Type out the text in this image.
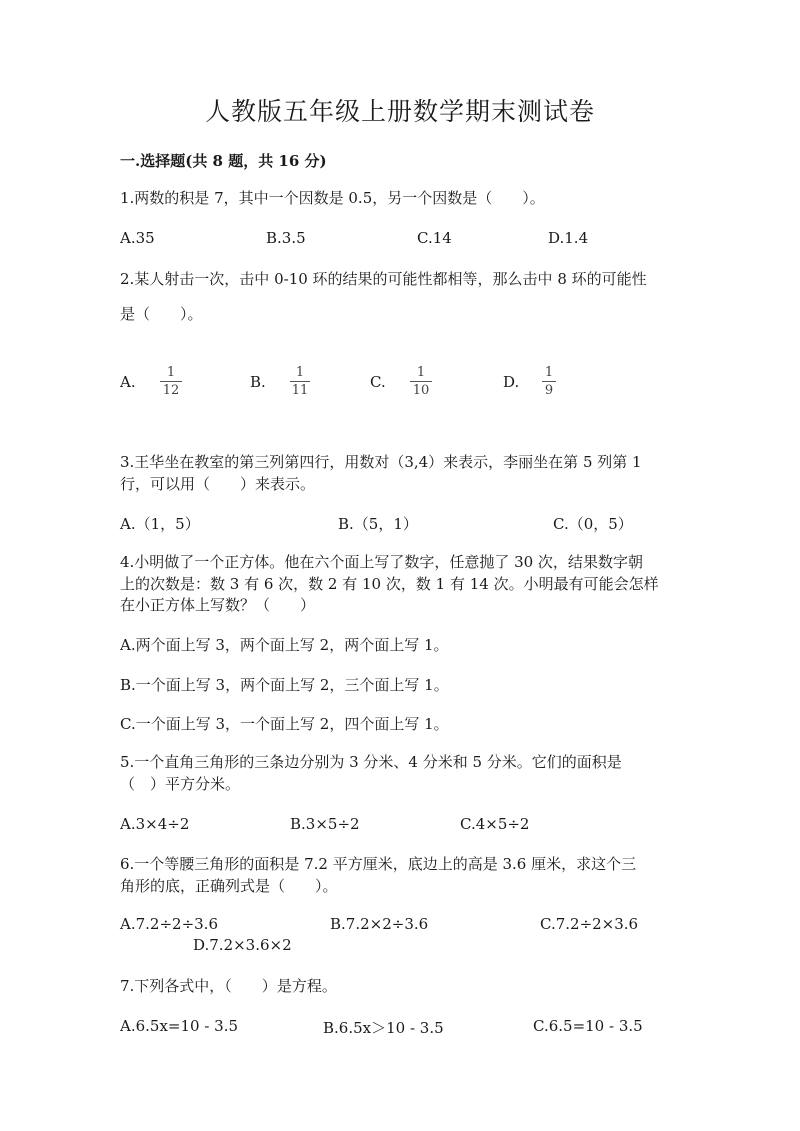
人教版五年级上册数学期末测试卷
一.选择题(共 8 题，共 16 分)
1.两数的积是 7，其中一个因数是 0.5，另一个因数是（　　）。
A.35	B.3.5	C.14	D.1.4
2.某人射击一次，击中 0-10 环的结果的可能性都相等，那么击中 8 环的可能性
是（　　）。
A.
1
12	B.
1
11	C.
1
10	D.
1
9
3.王华坐在教室的第三列第四行，用数对（3,4）来表示，李丽坐在第 5 列第 1
行，可以用（　　）来表示。
A.（1，5）	B.（5，1）	C.（0，5）
4.小明做了一个正方体。他在六个面上写了数字，任意抛了 30 次，结果数字朝
上的次数是：数 3 有 6 次，数 2 有 10 次，数 1 有 14 次。小明最有可能会怎样
在小正方体上写数？（　　）
A.两个面上写 3，两个面上写 2，两个面上写 1。
B.一个面上写 3，两个面上写 2，三个面上写 1。
C.一个面上写 3，一个面上写 2，四个面上写 1。
5.一个直角三角形的三条边分别为 3 分米、4 分米和 5 分米。它们的面积是
（　）平方分米。
A.3×4÷2	B.3×5÷2	C.4×5÷2
6.一个等腰三角形的面积是 7.2 平方厘米，底边上的高是 3.6 厘米，求这个三
角形的底，正确列式是（　　）。
A.7.2÷2÷3.6	B.7.2×2÷3.6	C.7.2÷2×3.6
D.7.2×3.6×2
7.下列各式中，（　　）是方程。
A.6.5x=10 - 3.5	B.6.5x＞10 - 3.5	C.6.5=10 - 3.5
